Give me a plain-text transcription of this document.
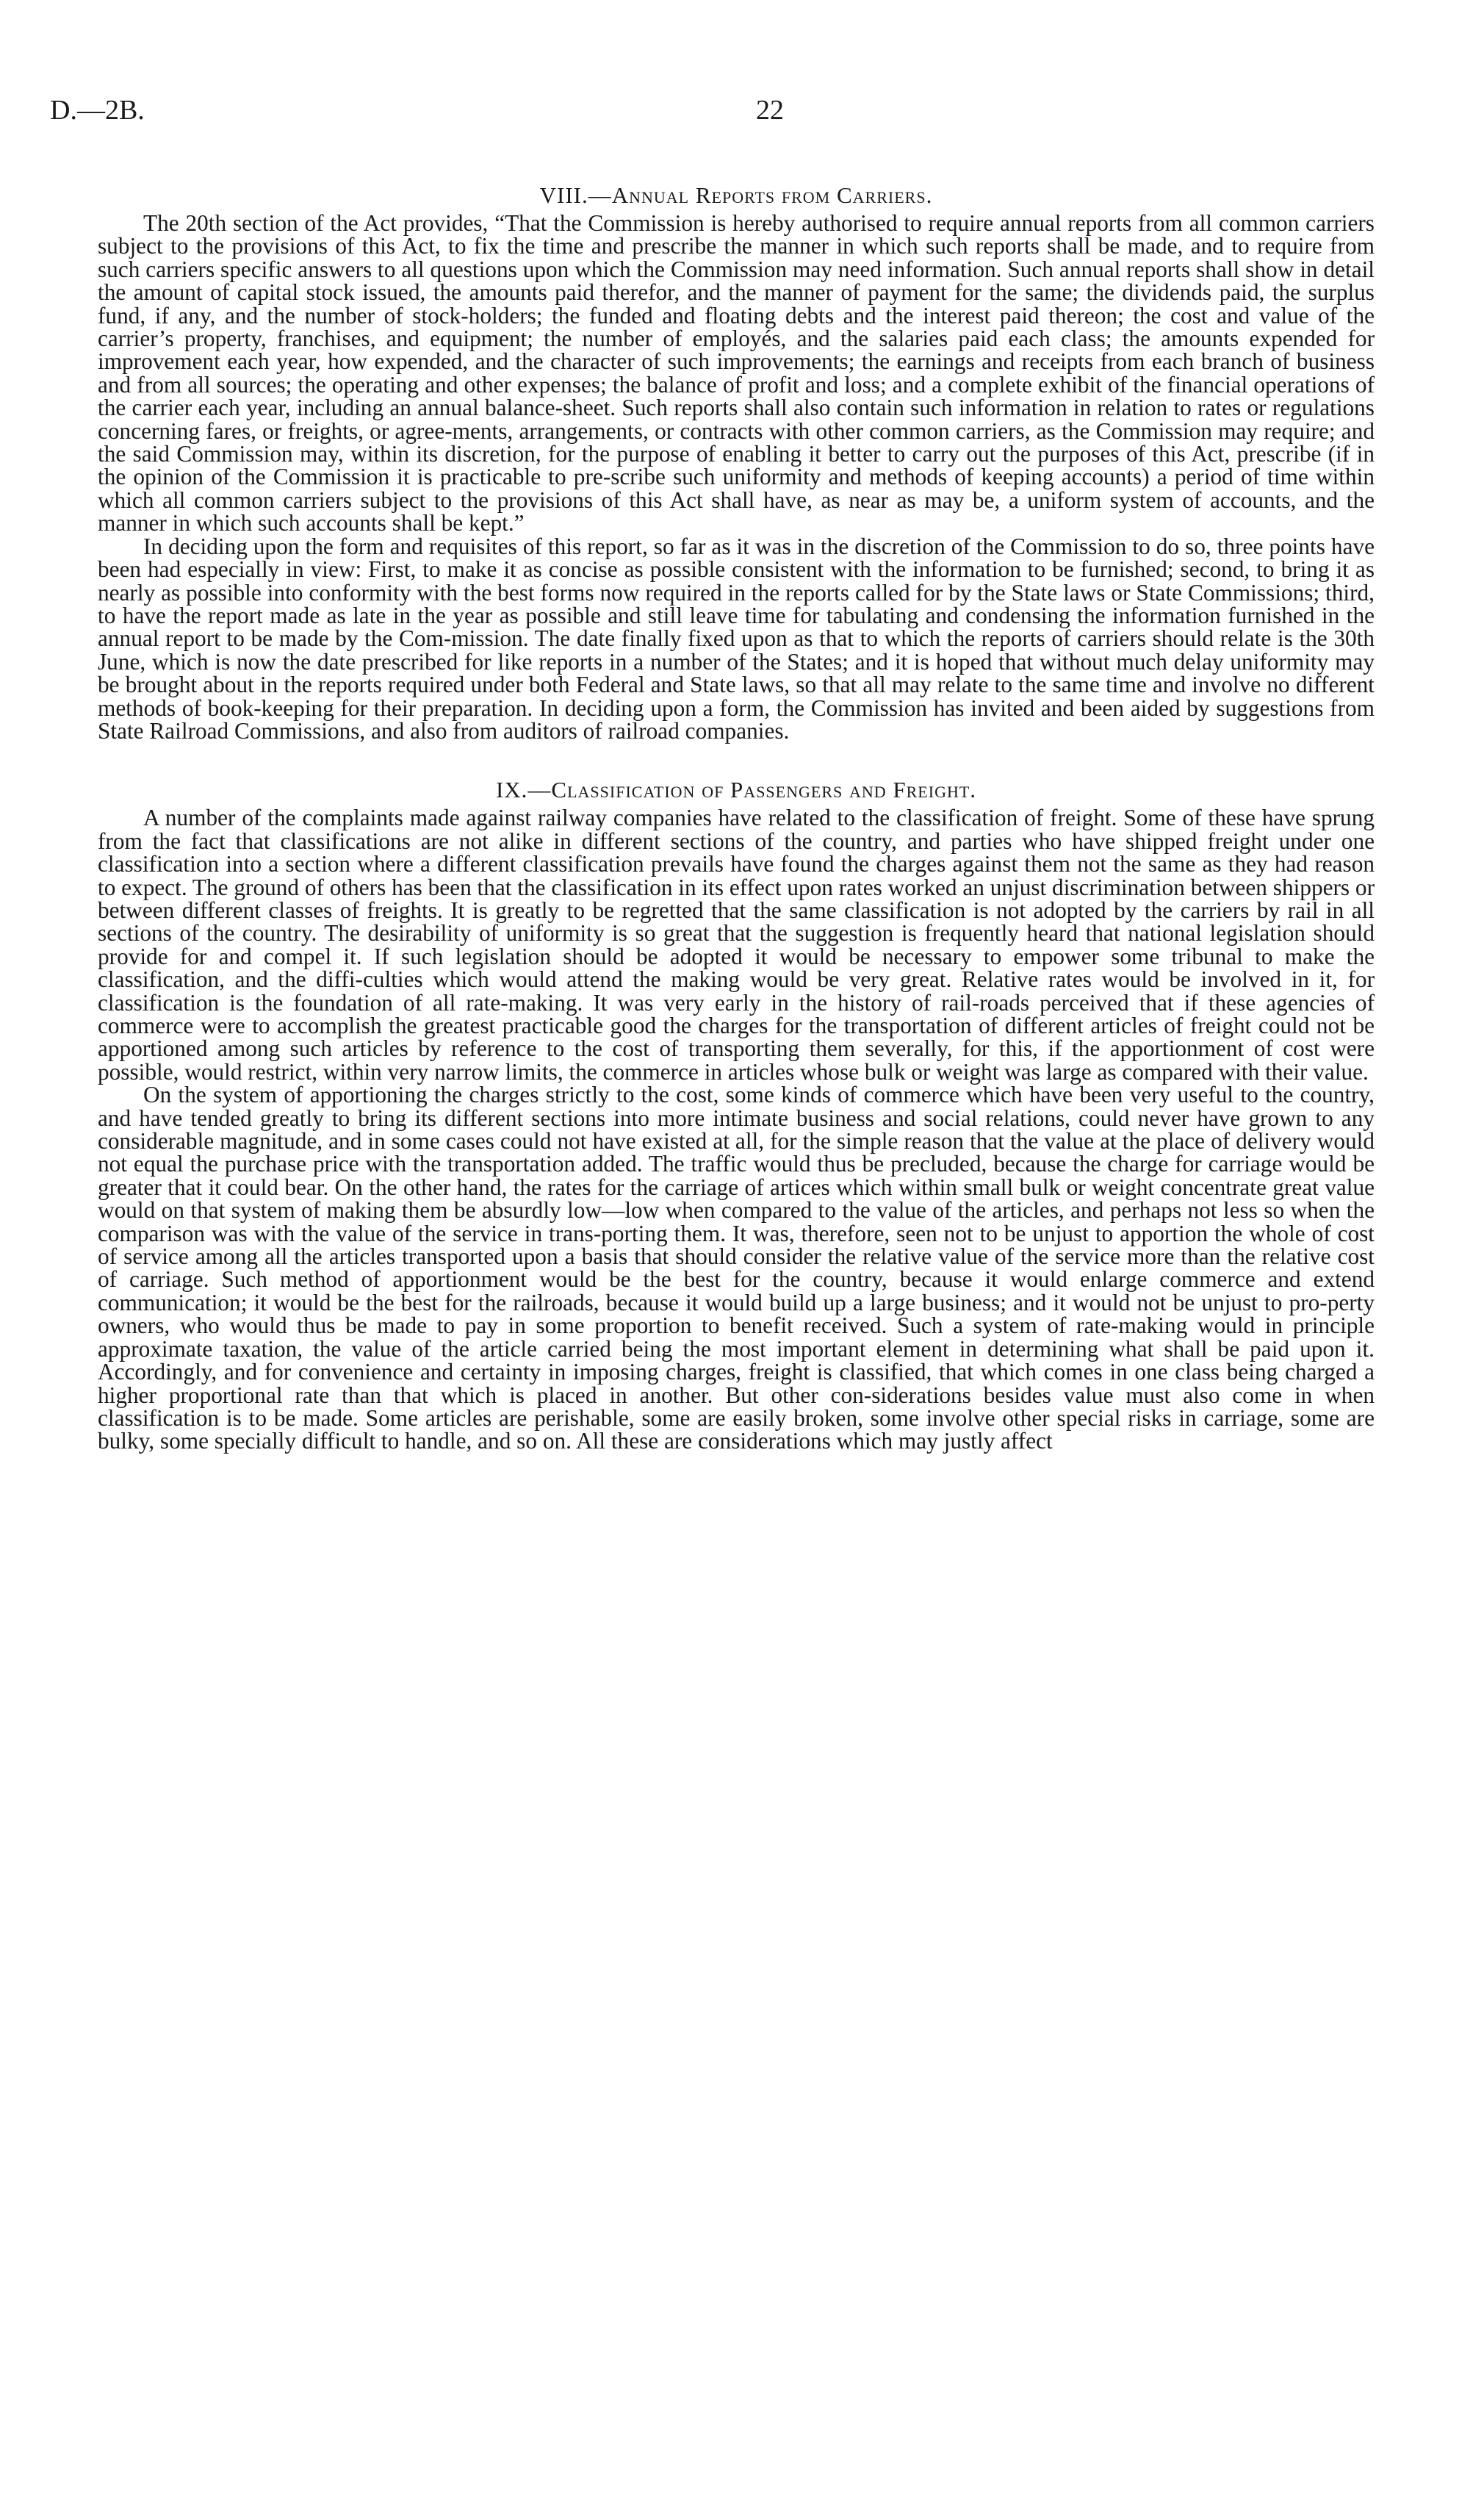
D.—2B.	22
VIII.—Annual Reports from Carriers.

The 20th section of the Act provides, “That the Commission is hereby authorised to require annual reports from all common carriers subject to the provisions of this Act, to fix the time and prescribe the manner in which such reports shall be made, and to require from such carriers specific answers to all questions upon which the Commission may need information. Such annual reports shall show in detail the amount of capital stock issued, the amounts paid therefor, and the manner of payment for the same; the dividends paid, the surplus fund, if any, and the number of stock-holders; the funded and floating debts and the interest paid thereon; the cost and value of the carrier’s property, franchises, and equipment; the number of employés, and the salaries paid each class; the amounts expended for improvement each year, how expended, and the character of such improvements; the earnings and receipts from each branch of business and from all sources; the operating and other expenses; the balance of profit and loss; and a complete exhibit of the financial operations of the carrier each year, including an annual balance-sheet. Such reports shall also contain such information in relation to rates or regulations concerning fares, or freights, or agree-ments, arrangements, or contracts with other common carriers, as the Commission may require; and the said Commission may, within its discretion, for the purpose of enabling it better to carry out the purposes of this Act, prescribe (if in the opinion of the Commission it is practicable to pre-scribe such uniformity and methods of keeping accounts) a period of time within which all common carriers subject to the provisions of this Act shall have, as near as may be, a uniform system of accounts, and the manner in which such accounts shall be kept.”

In deciding upon the form and requisites of this report, so far as it was in the discretion of the Commission to do so, three points have been had especially in view: First, to make it as concise as possible consistent with the information to be furnished; second, to bring it as nearly as possible into conformity with the best forms now required in the reports called for by the State laws or State Commissions; third, to have the report made as late in the year as possible and still leave time for tabulating and condensing the information furnished in the annual report to be made by the Com-mission. The date finally fixed upon as that to which the reports of carriers should relate is the 30th June, which is now the date prescribed for like reports in a number of the States; and it is hoped that without much delay uniformity may be brought about in the reports required under both Federal and State laws, so that all may relate to the same time and involve no different methods of book-keeping for their preparation. In deciding upon a form, the Commission has invited and been aided by suggestions from State Railroad Commissions, and also from auditors of railroad companies.

IX.—Classification of Passengers and Freight.

A number of the complaints made against railway companies have related to the classification of freight. Some of these have sprung from the fact that classifications are not alike in different sections of the country, and parties who have shipped freight under one classification into a section where a different classification prevails have found the charges against them not the same as they had reason to expect. The ground of others has been that the classification in its effect upon rates worked an unjust discrimination between shippers or between different classes of freights. It is greatly to be regretted that the same classification is not adopted by the carriers by rail in all sections of the country. The desirability of uniformity is so great that the suggestion is frequently heard that national legislation should provide for and compel it. If such legislation should be adopted it would be necessary to empower some tribunal to make the classification, and the diffi-culties which would attend the making would be very great. Relative rates would be involved in it, for classification is the foundation of all rate-making. It was very early in the history of rail-roads perceived that if these agencies of commerce were to accomplish the greatest practicable good the charges for the transportation of different articles of freight could not be apportioned among such articles by reference to the cost of transporting them severally, for this, if the apportionment of cost were possible, would restrict, within very narrow limits, the commerce in articles whose bulk or weight was large as compared with their value.

On the system of apportioning the charges strictly to the cost, some kinds of commerce which have been very useful to the country, and have tended greatly to bring its different sections into more intimate business and social relations, could never have grown to any considerable magnitude, and in some cases could not have existed at all, for the simple reason that the value at the place of delivery would not equal the purchase price with the transportation added. The traffic would thus be precluded, because the charge for carriage would be greater that it could bear. On the other hand, the rates for the carriage of artices which within small bulk or weight concentrate great value would on that system of making them be absurdly low—low when compared to the value of the articles, and perhaps not less so when the comparison was with the value of the service in trans-porting them. It was, therefore, seen not to be unjust to apportion the whole of cost of service among all the articles transported upon a basis that should consider the relative value of the service more than the relative cost of carriage. Such method of apportionment would be the best for the country, because it would enlarge commerce and extend communication; it would be the best for the railroads, because it would build up a large business; and it would not be unjust to pro-perty owners, who would thus be made to pay in some proportion to benefit received. Such a system of rate-making would in principle approximate taxation, the value of the article carried being the most important element in determining what shall be paid upon it. Accordingly, and for convenience and certainty in imposing charges, freight is classified, that which comes in one class being charged a higher proportional rate than that which is placed in another. But other con-siderations besides value must also come in when classification is to be made. Some articles are perishable, some are easily broken, some involve other special risks in carriage, some are bulky, some specially difficult to handle, and so on. All these are considerations which may justly affect
